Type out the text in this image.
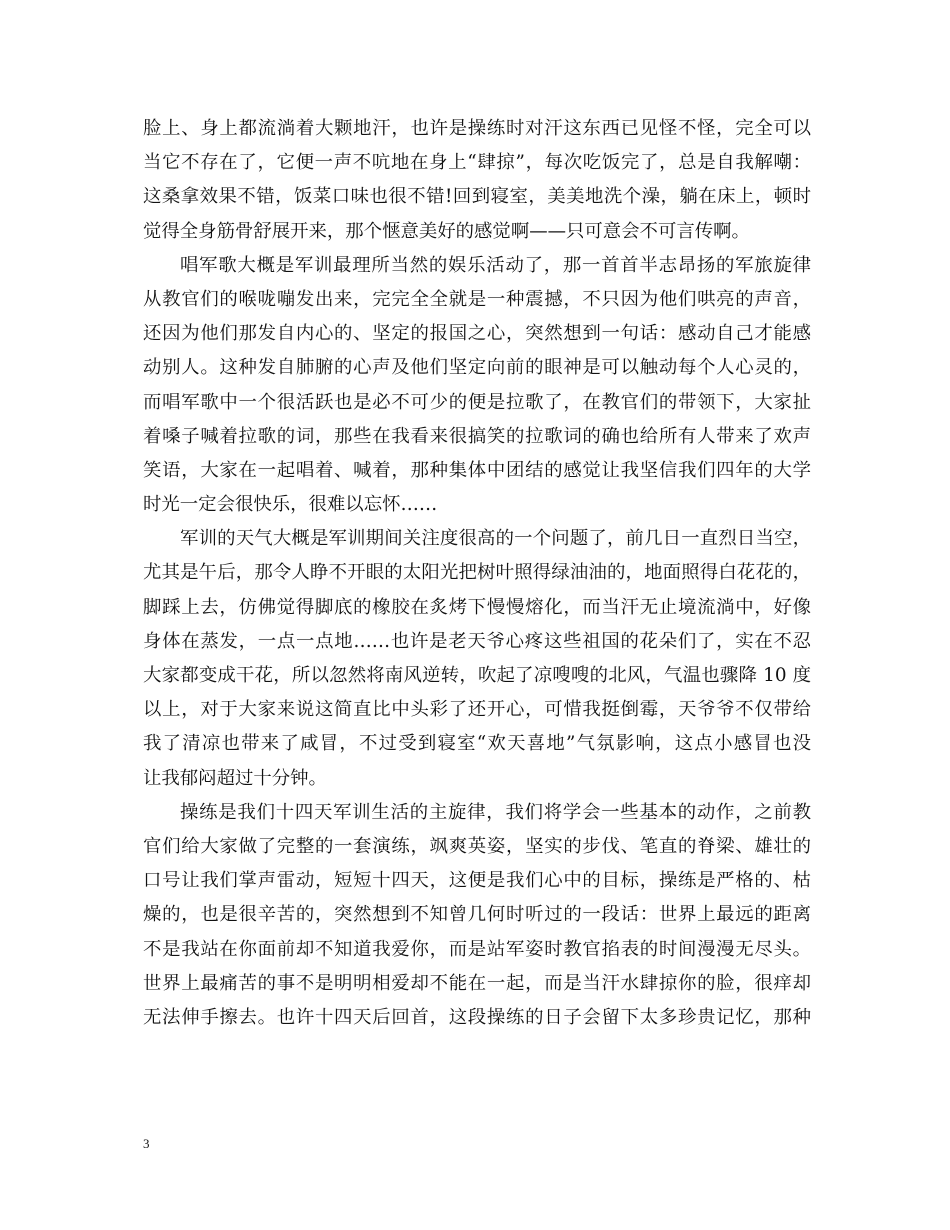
脸上、身上都流淌着大颗地汗，也许是操练时对汗这东西已见怪不怪，完全可以
当它不存在了，它便一声不吭地在身上“肆掠”，每次吃饭完了，总是自我解嘲：
这桑拿效果不错，饭菜口味也很不错!回到寝室，美美地洗个澡，躺在床上，顿时
觉得全身筋骨舒展开来，那个惬意美好的感觉啊——只可意会不可言传啊。
唱军歌大概是军训最理所当然的娱乐活动了，那一首首半志昂扬的军旅旋律
从教官们的喉咙嘣发出来，完完全全就是一种震撼，不只因为他们哄亮的声音，
还因为他们那发自内心的、坚定的报国之心，突然想到一句话：感动自己才能感
动别人。这种发自肺腑的心声及他们坚定向前的眼神是可以触动每个人心灵的，
而唱军歌中一个很活跃也是必不可少的便是拉歌了，在教官们的带领下，大家扯
着嗓子喊着拉歌的词，那些在我看来很搞笑的拉歌词的确也给所有人带来了欢声
笑语，大家在一起唱着、喊着，那种集体中团结的感觉让我坚信我们四年的大学
时光一定会很快乐，很难以忘怀……
军训的天气大概是军训期间关注度很高的一个问题了，前几日一直烈日当空，
尤其是午后，那令人睁不开眼的太阳光把树叶照得绿油油的，地面照得白花花的，
脚踩上去，仿佛觉得脚底的橡胶在炙烤下慢慢熔化，而当汗无止境流淌中，好像
身体在蒸发，一点一点地……也许是老天爷心疼这些祖国的花朵们了，实在不忍
大家都变成干花，所以忽然将南风逆转，吹起了凉嗖嗖的北风，气温也骤降 10 度
以上，对于大家来说这简直比中头彩了还开心，可惜我挺倒霉，天爷爷不仅带给
我了清凉也带来了咸冒，不过受到寝室“欢天喜地”气氛影响，这点小感冒也没
让我郁闷超过十分钟。
操练是我们十四天军训生活的主旋律，我们将学会一些基本的动作，之前教
官们给大家做了完整的一套演练，飒爽英姿，坚实的步伐、笔直的脊梁、雄壮的
口号让我们掌声雷动，短短十四天，这便是我们心中的目标，操练是严格的、枯
燥的，也是很辛苦的，突然想到不知曾几何时听过的一段话：世界上最远的距离
不是我站在你面前却不知道我爱你，而是站军姿时教官掐表的时间漫漫无尽头。
世界上最痛苦的事不是明明相爱却不能在一起，而是当汗水肆掠你的脸，很痒却
无法伸手擦去。也许十四天后回首，这段操练的日子会留下太多珍贵记忆，那种
3
